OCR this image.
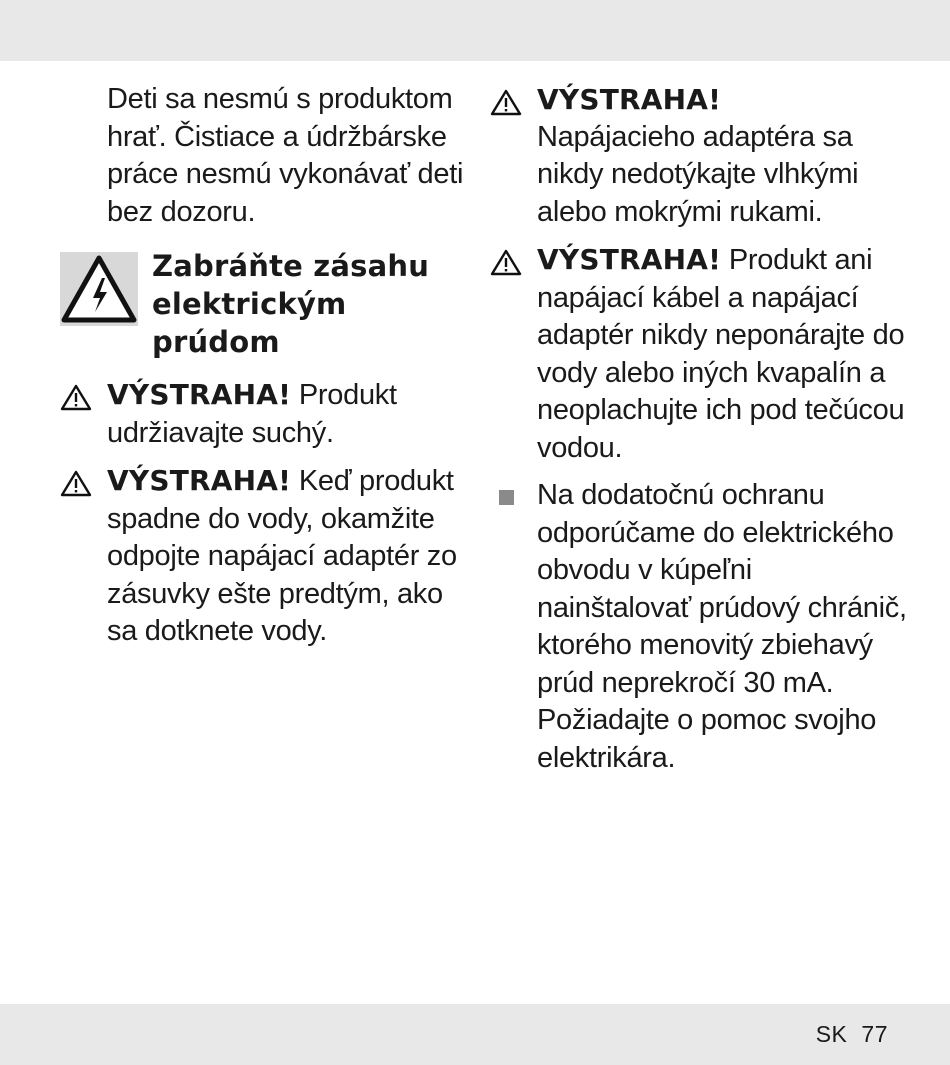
Deti sa nesmú s produktom hrať. Čistiace a údržbárske práce nesmú vykonávať deti bez dozoru.

Zabráňte zásahu elektrickým prúdom

VÝSTRAHA! Produkt udržiavajte suchý.

VÝSTRAHA! Keď produkt spadne do vody, okamžite odpojte napájací adaptér zo zásuvky ešte predtým, ako sa dotknete vody.

VÝSTRAHA!

Napájacieho adaptéra sa nikdy nedotýkajte vlhkými alebo mokrými rukami.

VÝSTRAHA! Produkt ani napájací kábel a napájací adaptér nikdy neponárajte do vody alebo iných kvapalín a neoplachujte ich pod tečúcou vodou.

Na dodatočnú ochranu odporúčame do elektrického obvodu v kúpeľni nainštalovať prúdový chránič, ktorého menovitý zbiehavý prúd neprekročí 30 mA. Požiadajte o pomoc svojho elektrikára.

SK 77
